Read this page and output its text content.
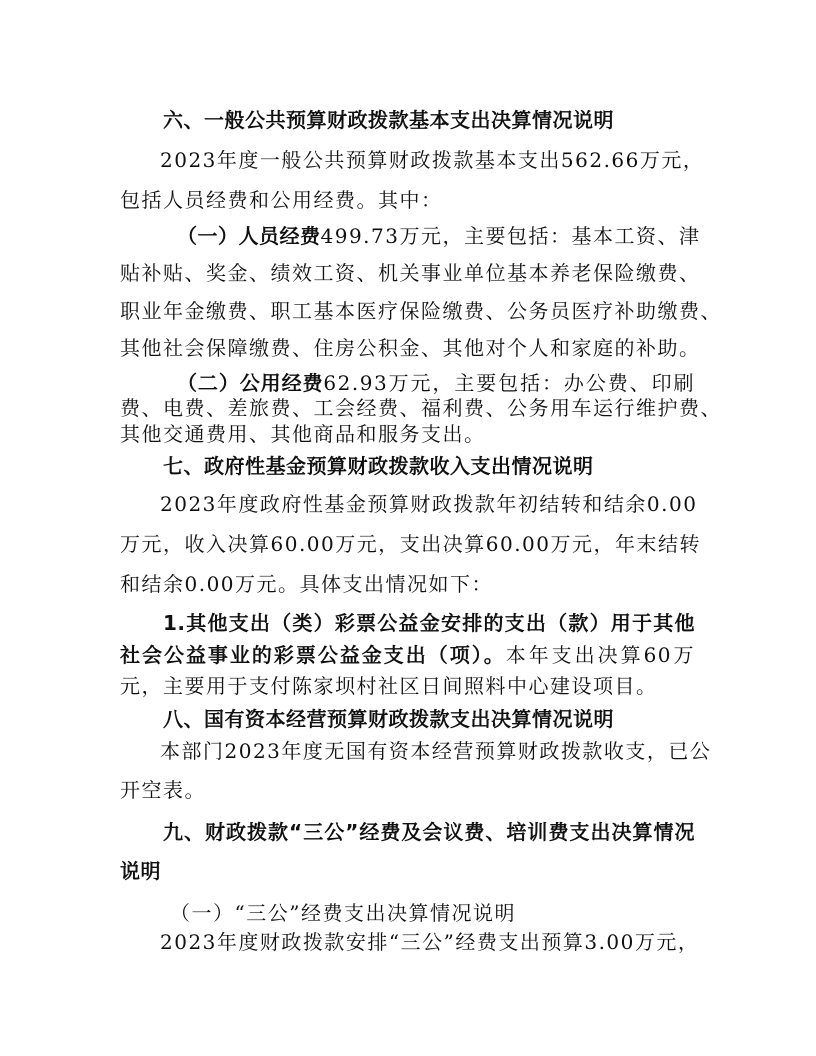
六、一般公共预算财政拨款基本支出决算情况说明
2023年度一般公共预算财政拨款基本支出562.66万元，
包括人员经费和公用经费。其中：
（一）人员经费499.73万元，主要包括：基本工资、津
贴补贴、奖金、绩效工资、机关事业单位基本养老保险缴费、
职业年金缴费、职工基本医疗保险缴费、公务员医疗补助缴费、
其他社会保障缴费、住房公积金、其他对个人和家庭的补助。
（二）公用经费62.93万元，主要包括：办公费、印刷
费、电费、差旅费、工会经费、福利费、公务用车运行维护费、
其他交通费用、其他商品和服务支出。
七、政府性基金预算财政拨款收入支出情况说明
2023年度政府性基金预算财政拨款年初结转和结余0.00
万元，收入决算60.00万元，支出决算60.00万元，年末结转
和结余0.00万元。具体支出情况如下：
1.其他支出（类）彩票公益金安排的支出（款）用于其他
社会公益事业的彩票公益金支出（项）。本年支出决算60万
元，主要用于支付陈家坝村社区日间照料中心建设项目。
八、国有资本经营预算财政拨款支出决算情况说明
本部门2023年度无国有资本经营预算财政拨款收支，已公
开空表。
九、财政拨款“三公”经费及会议费、培训费支出决算情况
说明
（一）“三公”经费支出决算情况说明
2023年度财政拨款安排“三公”经费支出预算3.00万元，
